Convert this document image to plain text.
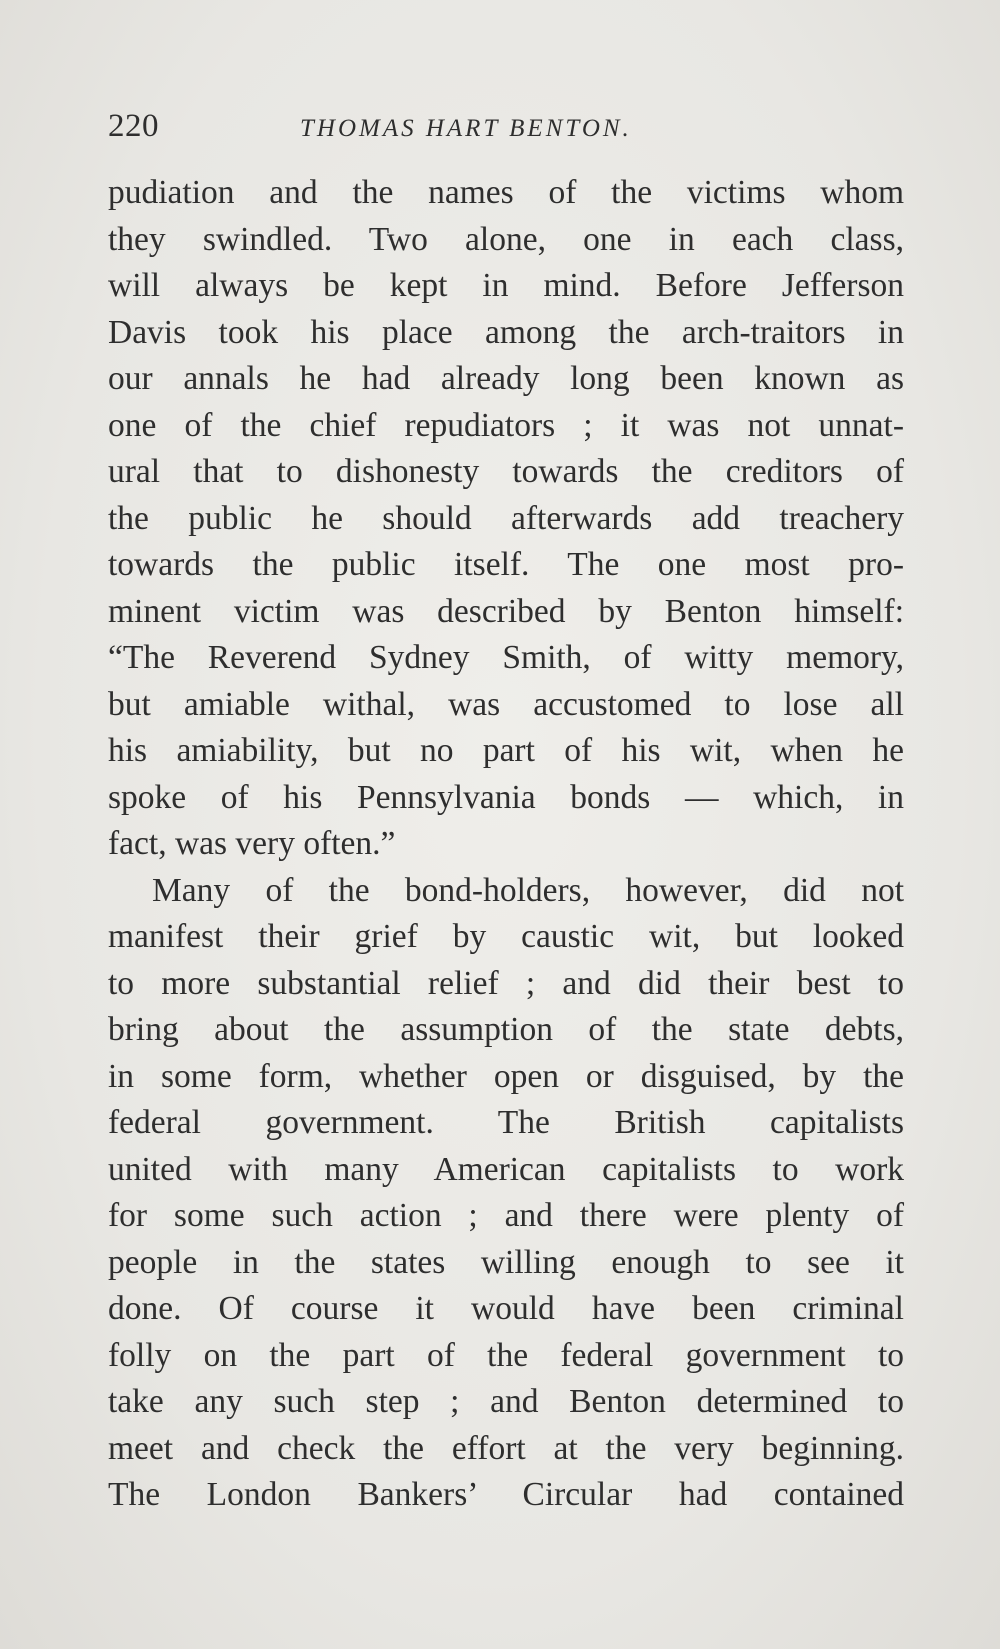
220	THOMAS HART BENTON.
pudiation and the names of the victims whom
they swindled. Two alone, one in each class,
will always be kept in mind. Before Jefferson
Davis took his place among the arch-traitors in
our annals he had already long been known as
one of the chief repudiators ; it was not unnat-
ural that to dishonesty towards the creditors of
the public he should afterwards add treachery
towards the public itself. The one most pro-
minent victim was described by Benton himself:
“The Reverend Sydney Smith, of witty memory,
but amiable withal, was accustomed to lose all
his amiability, but no part of his wit, when he
spoke of his Pennsylvania bonds — which, in
fact, was very often.”
Many of the bond-holders, however, did not
manifest their grief by caustic wit, but looked
to more substantial relief ; and did their best to
bring about the assumption of the state debts,
in some form, whether open or disguised, by the
federal government. The British capitalists
united with many American capitalists to work
for some such action ; and there were plenty of
people in the states willing enough to see it
done. Of course it would have been criminal
folly on the part of the federal government to
take any such step ; and Benton determined to
meet and check the effort at the very beginning.
The London Bankers’ Circular had contained
